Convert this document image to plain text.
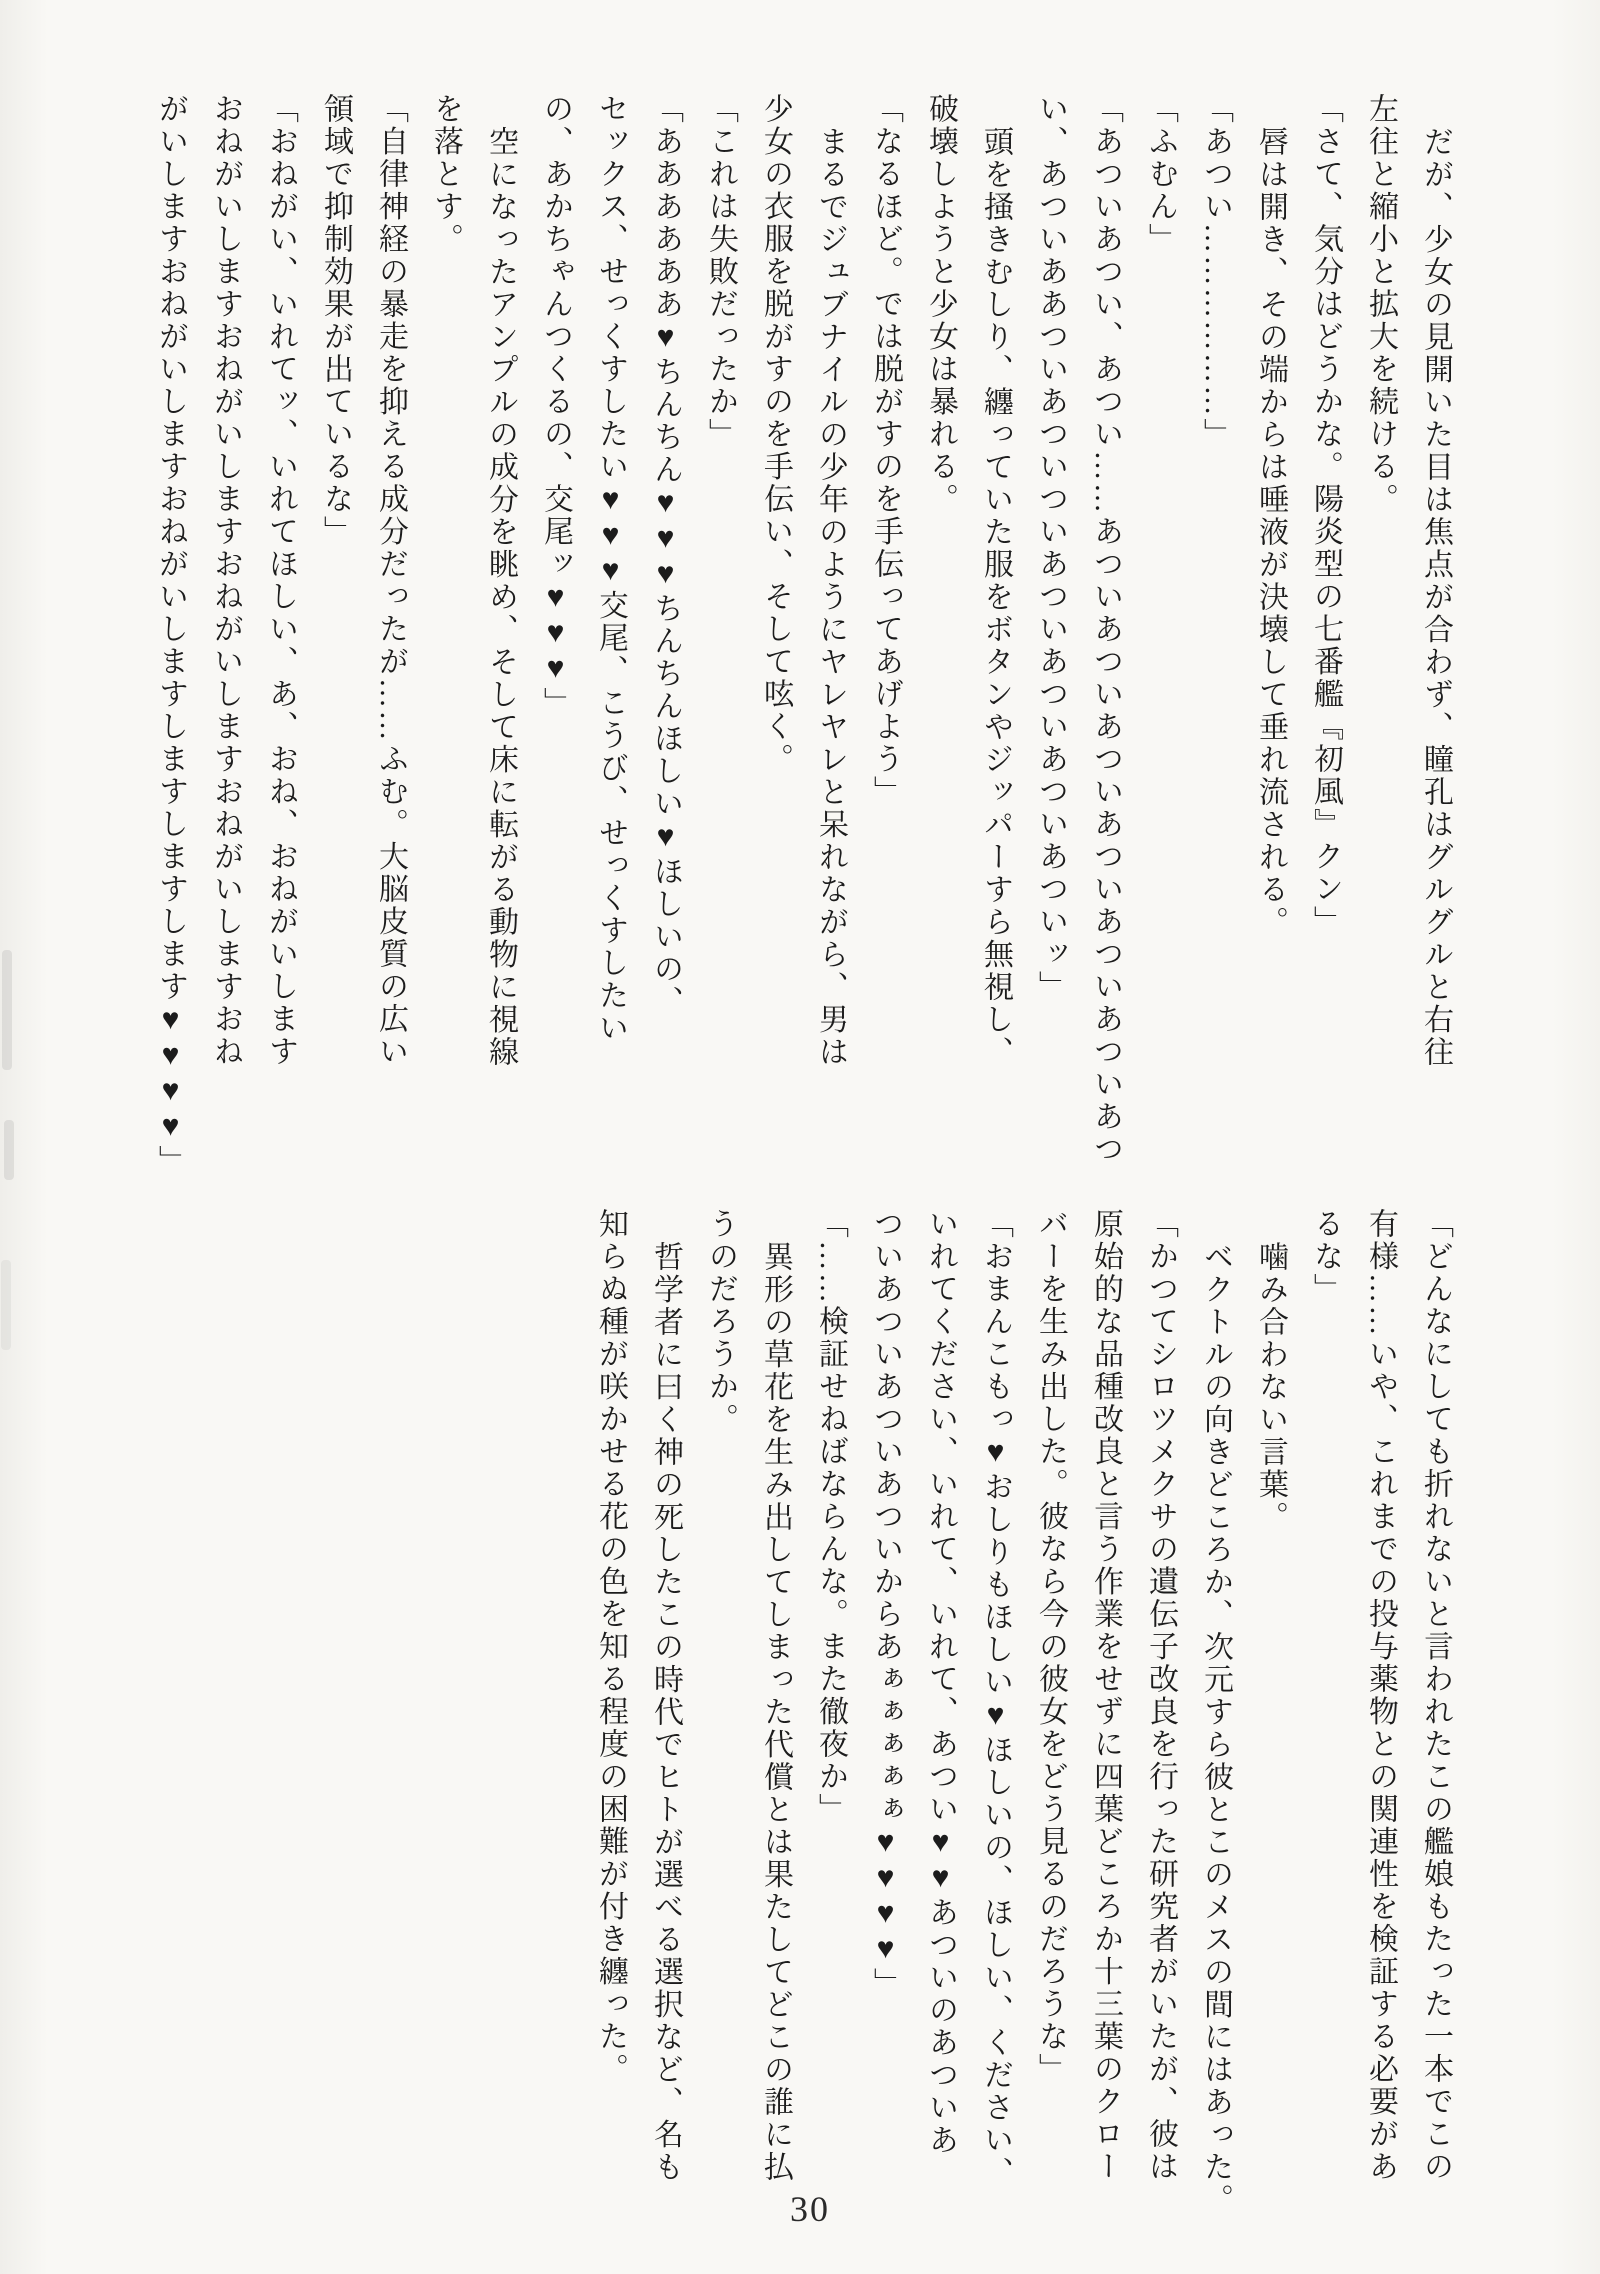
だが、少女の見開いた目は焦点が合わず、瞳孔はグルグルと右往
左往と縮小と拡大を続ける。
「さて、気分はどうかな。陽炎型の七番艦『初風』クン」
唇は開き、その端からは唾液が決壊して垂れ流される。
「あつい………………」
「ふむん」
「あついあつい、あつい……あついあついあついあついあついあついあつ
い、あついああついあついついあついあついあついあついッ」
頭を掻きむしり、纏っていた服をボタンやジッパーすら無視し、
破壊しようと少女は暴れる。
「なるほど。では脱がすのを手伝ってあげよう」
まるでジュブナイルの少年のようにヤレヤレと呆れながら、男は
少女の衣服を脱がすのを手伝い、そして呟く。
「これは失敗だったか」
「ああああああ♥ちんちん♥♥♥ちんちんほしい♥ほしいの、
セックス、せっくすしたい♥♥♥交尾、こうび、せっくすしたい
の、あかちゃんつくるの、交尾ッ♥♥♥」
空になったアンプルの成分を眺め、そして床に転がる動物に視線
を落とす。
「自律神経の暴走を抑える成分だったが……ふむ。大脳皮質の広い
領域で抑制効果が出ているな」
「おねがい、いれてッ、いれてほしい、あ、おね、おねがいします
おねがいしますおねがいしますおねがいしますおねがいしますおね
がいしますおねがいしますおねがいしますしますしますします♥♥♥♥」
「どんなにしても折れないと言われたこの艦娘もたった一本でこの
有様……いや、これまでの投与薬物との関連性を検証する必要があ
るな」
噛み合わない言葉。
ベクトルの向きどころか、次元すら彼とこのメスの間にはあった。
「かつてシロツメクサの遺伝子改良を行った研究者がいたが、彼は
原始的な品種改良と言う作業をせずに四葉どころか十三葉のクロー
バーを生み出した。彼なら今の彼女をどう見るのだろうな」
「おまんこもっ♥おしりもほしい♥ほしいの、ほしい、ください、
いれてください、いれて、いれて、あつい♥♥あついのあついあ
ついあついあついあついからあぁぁぁぁぁ♥♥♥♥」
「……検証せねばならんな。また徹夜か」
異形の草花を生み出してしまった代償とは果たしてどこの誰に払
うのだろうか。
哲学者に曰く神の死したこの時代でヒトが選べる選択など、名も
知らぬ種が咲かせる花の色を知る程度の困難が付き纏った。
30
